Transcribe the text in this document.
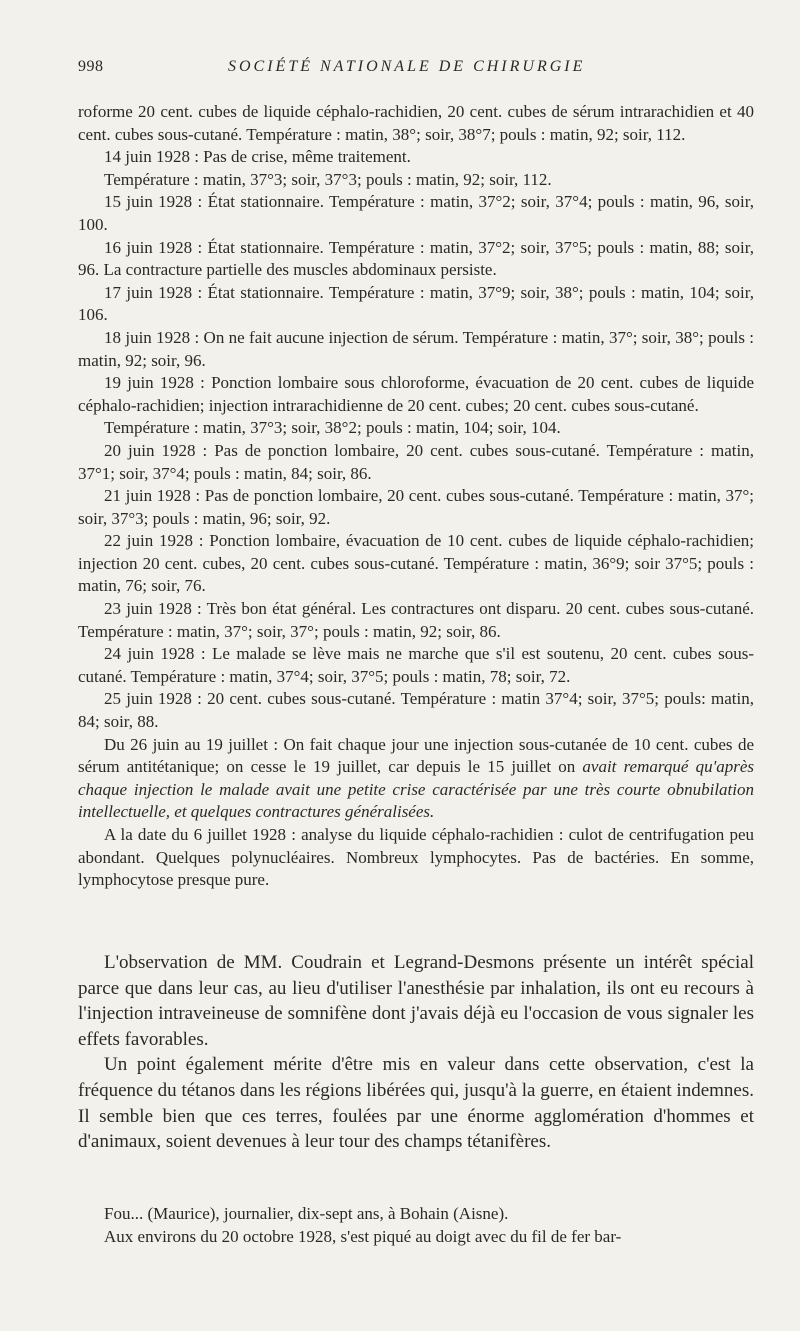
998	SOCIÉTÉ NATIONALE DE CHIRURGIE

roforme 20 cent. cubes de liquide céphalo-rachidien, 20 cent. cubes de sérum intrarachidien et 40 cent. cubes sous-cutané. Température : matin, 38°; soir, 38°7; pouls : matin, 92; soir, 112.

14 juin 1928 : Pas de crise, même traitement.

Température : matin, 37°3; soir, 37°3; pouls : matin, 92; soir, 112.

15 juin 1928 : État stationnaire. Température : matin, 37°2; soir, 37°4; pouls : matin, 96, soir, 100.

16 juin 1928 : État stationnaire. Température : matin, 37°2; soir, 37°5; pouls : matin, 88; soir, 96. La contracture partielle des muscles abdominaux persiste.

17 juin 1928 : État stationnaire. Température : matin, 37°9; soir, 38°; pouls : matin, 104; soir, 106.

18 juin 1928 : On ne fait aucune injection de sérum. Température : matin, 37°; soir, 38°; pouls : matin, 92; soir, 96.

19 juin 1928 : Ponction lombaire sous chloroforme, évacuation de 20 cent. cubes de liquide céphalo-rachidien; injection intrarachidienne de 20 cent. cubes; 20 cent. cubes sous-cutané.

Température : matin, 37°3; soir, 38°2; pouls : matin, 104; soir, 104.

20 juin 1928 : Pas de ponction lombaire, 20 cent. cubes sous-cutané. Température : matin, 37°1; soir, 37°4; pouls : matin, 84; soir, 86.

21 juin 1928 : Pas de ponction lombaire, 20 cent. cubes sous-cutané. Température : matin, 37°; soir, 37°3; pouls : matin, 96; soir, 92.

22 juin 1928 : Ponction lombaire, évacuation de 10 cent. cubes de liquide céphalo-rachidien; injection 20 cent. cubes, 20 cent. cubes sous-cutané. Température : matin, 36°9; soir 37°5; pouls : matin, 76; soir, 76.

23 juin 1928 : Très bon état général. Les contractures ont disparu. 20 cent. cubes sous-cutané. Température : matin, 37°; soir, 37°; pouls : matin, 92; soir, 86.

24 juin 1928 : Le malade se lève mais ne marche que s'il est soutenu, 20 cent. cubes sous-cutané. Température : matin, 37°4; soir, 37°5; pouls : matin, 78; soir, 72.

25 juin 1928 : 20 cent. cubes sous-cutané. Température : matin 37°4; soir, 37°5; pouls: matin, 84; soir, 88.

Du 26 juin au 19 juillet : On fait chaque jour une injection sous-cutanée de 10 cent. cubes de sérum antitétanique; on cesse le 19 juillet, car depuis le 15 juillet on avait remarqué qu'après chaque injection le malade avait une petite crise caractérisée par une très courte obnubilation intellectuelle, et quelques contractures généralisées.

A la date du 6 juillet 1928 : analyse du liquide céphalo-rachidien : culot de centrifugation peu abondant. Quelques polynucléaires. Nombreux lymphocytes. Pas de bactéries. En somme, lymphocytose presque pure.

L'observation de MM. Coudrain et Legrand-Desmons présente un intérêt spécial parce que dans leur cas, au lieu d'utiliser l'anesthésie par inhalation, ils ont eu recours à l'injection intraveineuse de somnifène dont j'avais déjà eu l'occasion de vous signaler les effets favorables.

Un point également mérite d'être mis en valeur dans cette observation, c'est la fréquence du tétanos dans les régions libérées qui, jusqu'à la guerre, en étaient indemnes. Il semble bien que ces terres, foulées par une énorme agglomération d'hommes et d'animaux, soient devenues à leur tour des champs tétanifères.

Fou... (Maurice), journalier, dix-sept ans, à Bohain (Aisne).

Aux environs du 20 octobre 1928, s'est piqué au doigt avec du fil de fer bar-
